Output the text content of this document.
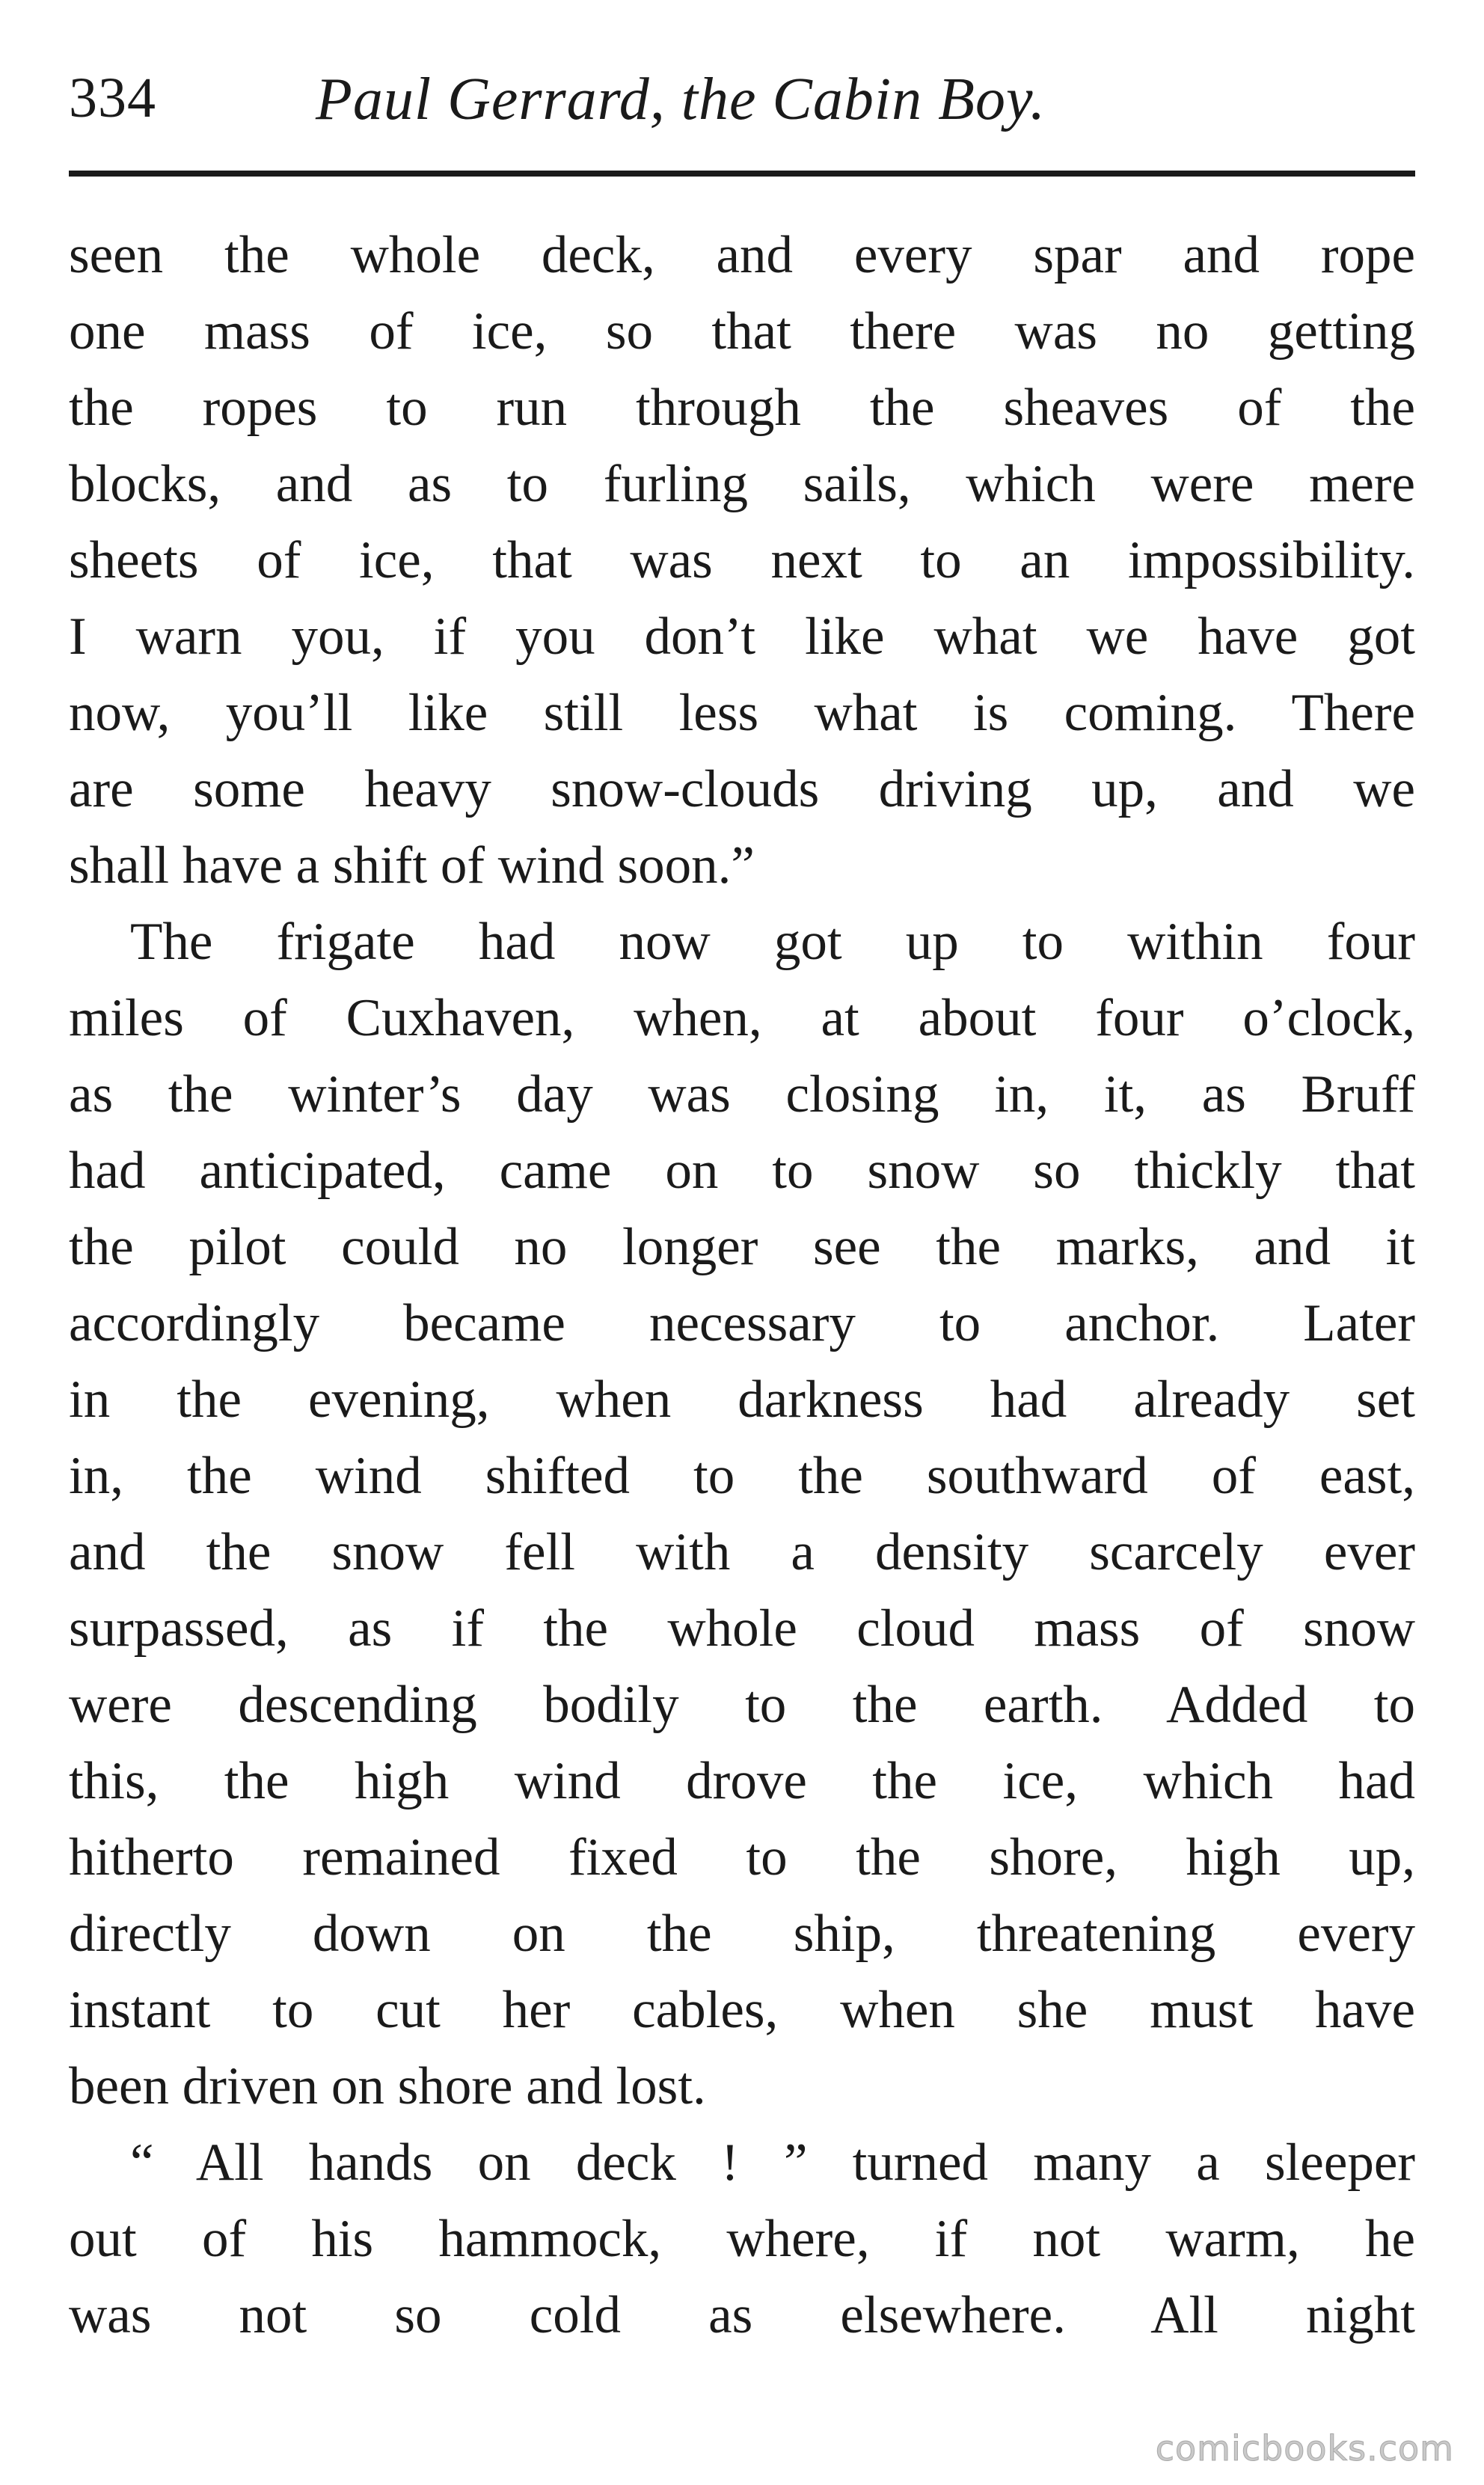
334	Paul Gerrard, the Cabin Boy.
seen the whole deck, and every spar and rope
one mass of ice, so that there was no getting
the ropes to run through the sheaves of the
blocks, and as to furling sails, which were mere
sheets of ice, that was next to an impossibility.
I warn you, if you don’t like what we have got
now, you’ll like still less what is coming. There
are some heavy snow-clouds driving up, and we
shall have a shift of wind soon.”
The frigate had now got up to within four
miles of Cuxhaven, when, at about four o’clock,
as the winter’s day was closing in, it, as Bruff
had anticipated, came on to snow so thickly that
the pilot could no longer see the marks, and it
accordingly became necessary to anchor. Later
in the evening, when darkness had already set
in, the wind shifted to the southward of east,
and the snow fell with a density scarcely ever
surpassed, as if the whole cloud mass of snow
were descending bodily to the earth. Added to
this, the high wind drove the ice, which had
hitherto remained fixed to the shore, high up,
directly down on the ship, threatening every
instant to cut her cables, when she must have
been driven on shore and lost.
“ All hands on deck ! ” turned many a sleeper
out of his hammock, where, if not warm, he
was not so cold as elsewhere. All night
comicbooks.com
